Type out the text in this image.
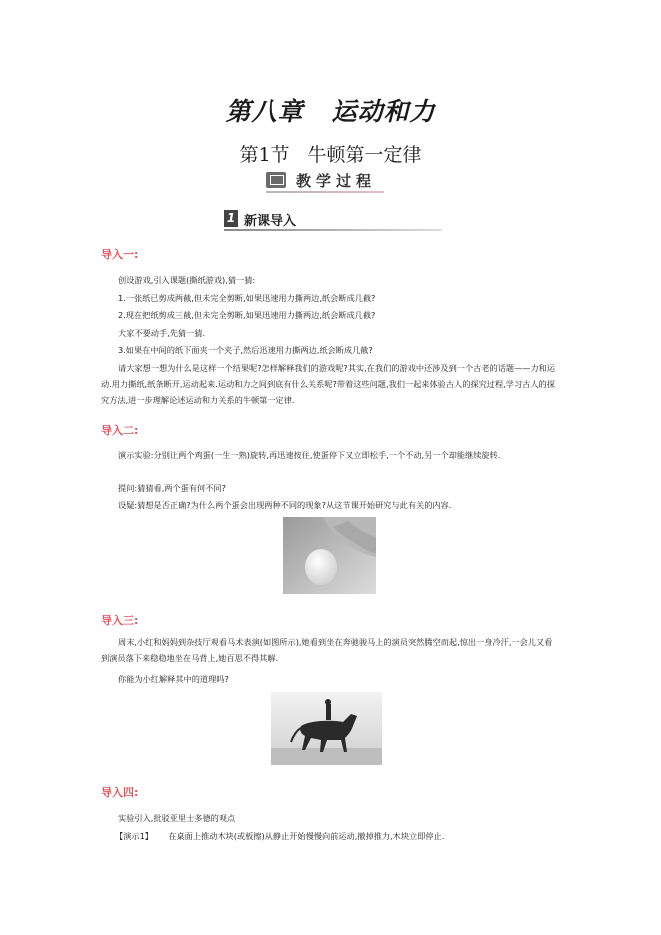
第八章 运动和力
第1节 牛顿第一定律
教学过程
1 新课导入
导入一:
创设游戏,引入课题(撕纸游戏),猜一猜:
1.一张纸已剪成两截,但未完全剪断,如果迅速用力撕两边,纸会断成几截?
2.现在把纸剪成三截,但未完全剪断,如果迅速用力撕两边,纸会断成几截?
大家不要动手,先猜一猜.
3.如果在中间的纸下面夹一个夹子,然后迅速用力撕两边,纸会断成几截?
请大家想一想为什么是这样一个结果呢?怎样解释我们的游戏呢?其实,在我们的游戏中还涉及到一个古老的话题——力和运动.用力撕纸,纸条断开,运动起来.运动和力之间到底有什么关系呢?带着这些问题,我们一起来体验古人的探究过程,学习古人的探究方法,进一步理解论述运动和力关系的牛顿第一定律.
导入二:
演示实验:分别让两个鸡蛋(一生一熟)旋转,再迅速按住,使蛋停下又立即松手,一个不动,另一个却能继续旋转.
提问:猜猜看,两个蛋有何不同?
设疑:猜想是否正确?为什么两个蛋会出现两种不同的现象?从这节课开始研究与此有关的内容.
导入三:
周末,小红和妈妈到杂技厅观看马术表演(如图所示),她看到坐在奔驰骏马上的演员突然腾空而起,惊出一身冷汗,一会儿又看到演员落下来稳稳地坐在马背上,她百思不得其解.
你能为小红解释其中的道理吗?
导入四:
实验引入,批驳亚里士多德的观点
【演示1】 在桌面上推动木块(或板擦)从静止开始慢慢向前运动,撤掉推力,木块立即停止.
